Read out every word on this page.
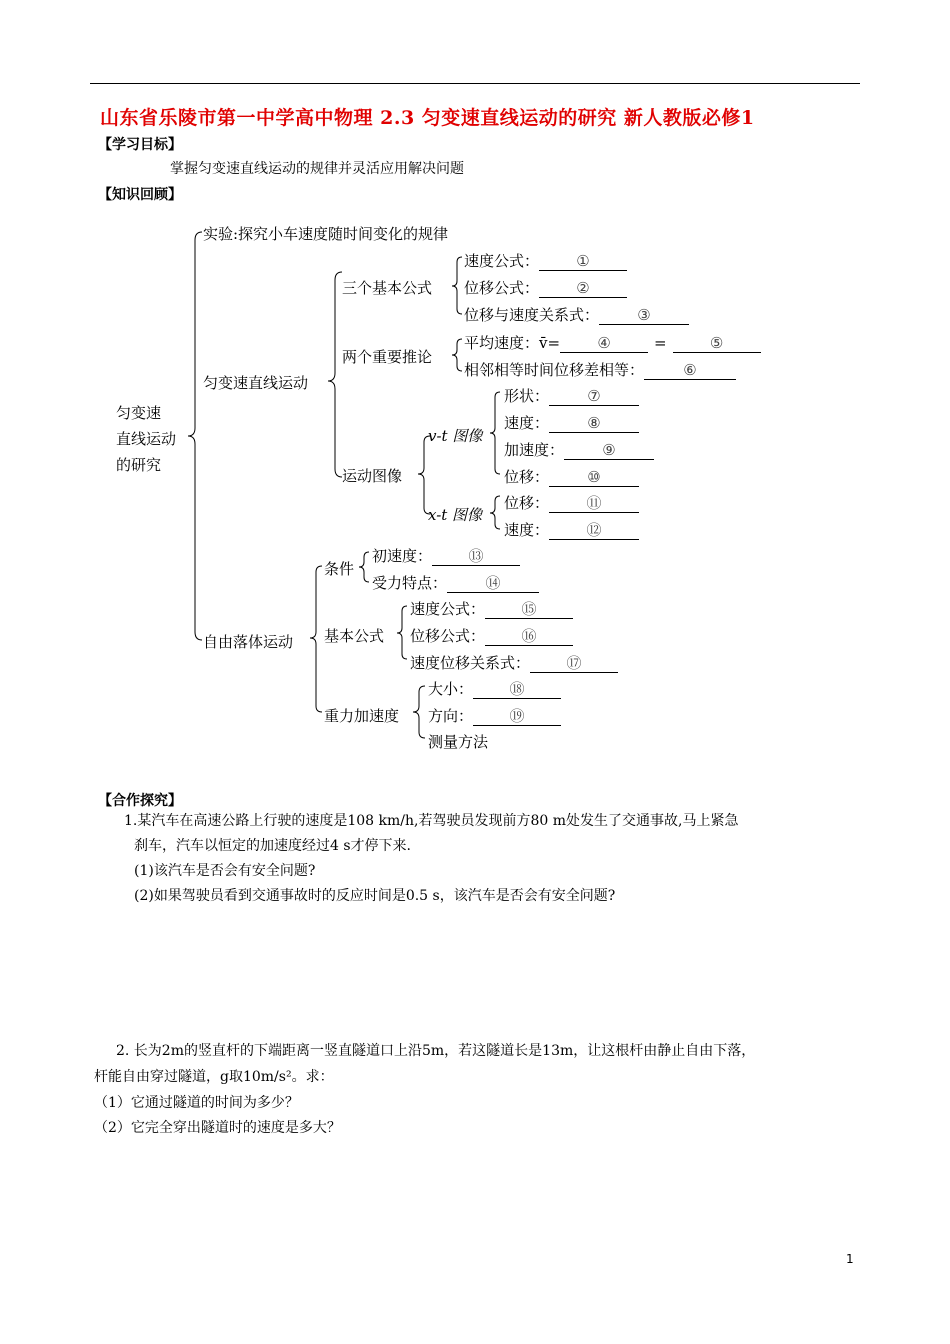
山东省乐陵市第一中学高中物理 2.3 匀变速直线运动的研究 新人教版必修1
【学习目标】
掌握匀变速直线运动的规律并灵活应用解决问题
【知识回顾】
匀变速
直线运动
的研究
实验:探究小车速度随时间变化的规律
匀变速直线运动
三个基本公式
速度公式： ①
位移公式： ②
位移与速度关系式：	③
两个重要推论
平均速度：v̄= ④	=	⑤
相邻相等时间位移差相等：	⑥
运动图像
v-t 图像
x-t 图像
形状：	⑦
速度：	⑧
加速度：	⑨
位移：	⑩
位移： ⑪
速度： ⑫
自由落体运动
条件
初速度： ⑬
受力特点：	⑭
基本公式
速度公式： ⑮
位移公式： ⑯
速度位移关系式： ⑰
重力加速度
大小： ⑱
方向： ⑲
测量方法
【合作探究】
1.某汽车在高速公路上行驶的速度是108 km/h,若驾驶员发现前方80 m处发生了交通事故,马上紧急
刹车，汽车以恒定的加速度经过4 s才停下来.
(1)该汽车是否会有安全问题?
(2)如果驾驶员看到交通事故时的反应时间是0.5 s，该汽车是否会有安全问题?
2. 长为2m的竖直杆的下端距离一竖直隧道口上沿5m，若这隧道长是13m，让这根杆由静止自由下落，
杆能自由穿过隧道，g取10m/s²。求：
（1）它通过隧道的时间为多少？
（2）它完全穿出隧道时的速度是多大？
1
